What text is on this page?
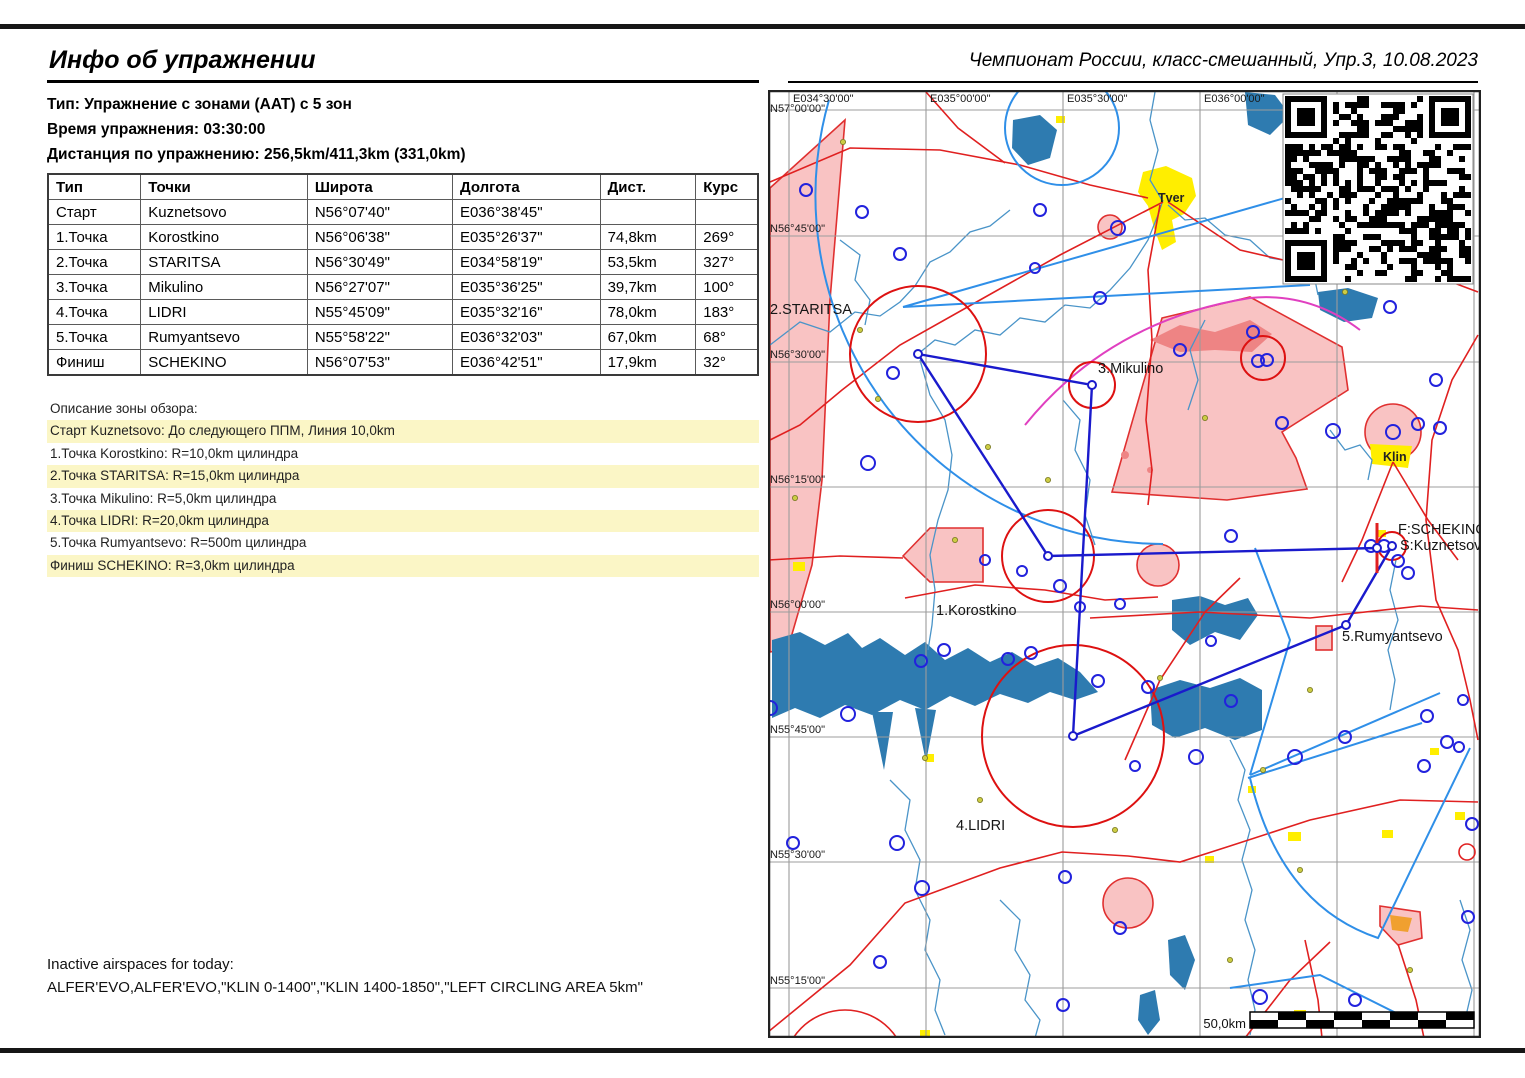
Чемпионат России, класс-смешанный, Упр.3, 10.08.2023
Инфо об упражнении
Тип: Упражнение с зонами (AAT) с 5 зон
Время упражнения: 03:30:00
Дистанция по упражнению: 256,5km/411,3km (331,0km)
Тип	Точки	Широта	Долгота	Дист.	Курс
Старт	Kuznetsovo	N56°07'40"	E036°38'45"		
1.Точка	Korostkino	N56°06'38"	E035°26'37"	74,8km	269°
2.Точка	STARITSA	N56°30'49"	E034°58'19"	53,5km	327°
3.Точка	Mikulino	N56°27'07"	E035°36'25"	39,7km	100°
4.Точка	LIDRI	N55°45'09"	E035°32'16"	78,0km	183°
5.Точка	Rumyantsevo	N55°58'22"	E036°32'03"	67,0km	68°
Финиш	SCHEKINO	N56°07'53"	E036°42'51"	17,9km	32°
Описание зоны обзора:
Старт Kuznetsovo: До следующего ППМ, Линия 10,0km
1.Точка Korostkino: R=10,0km цилиндра
2.Точка STARITSA: R=15,0km цилиндра
3.Точка Mikulino: R=5,0km цилиндра
4.Точка LIDRI: R=20,0km цилиндра
5.Точка Rumyantsevo: R=500m цилиндра
Финиш SCHEKINO: R=3,0km цилиндра
Inactive airspaces for today:
ALFER'EVO,ALFER'EVO,"KLIN 0-1400","KLIN 1400-1850","LEFT CIRCLING AREA 5km"
E034°30'00"	E035°00'00"	E035°30'00"	E036°00'00"
N57°00'00"
N56°45'00"
N56°30'00"
N56°15'00"
N56°00'00"
N55°45'00"
N55°30'00"
N55°15'00"
Tver
Klin
2.STARITSA
3.Mikulino
1.Korostkino
4.LIDRI
5.Rumyantsevo
F:SCHEKINO
S:Kuznetsovo
50,0km
